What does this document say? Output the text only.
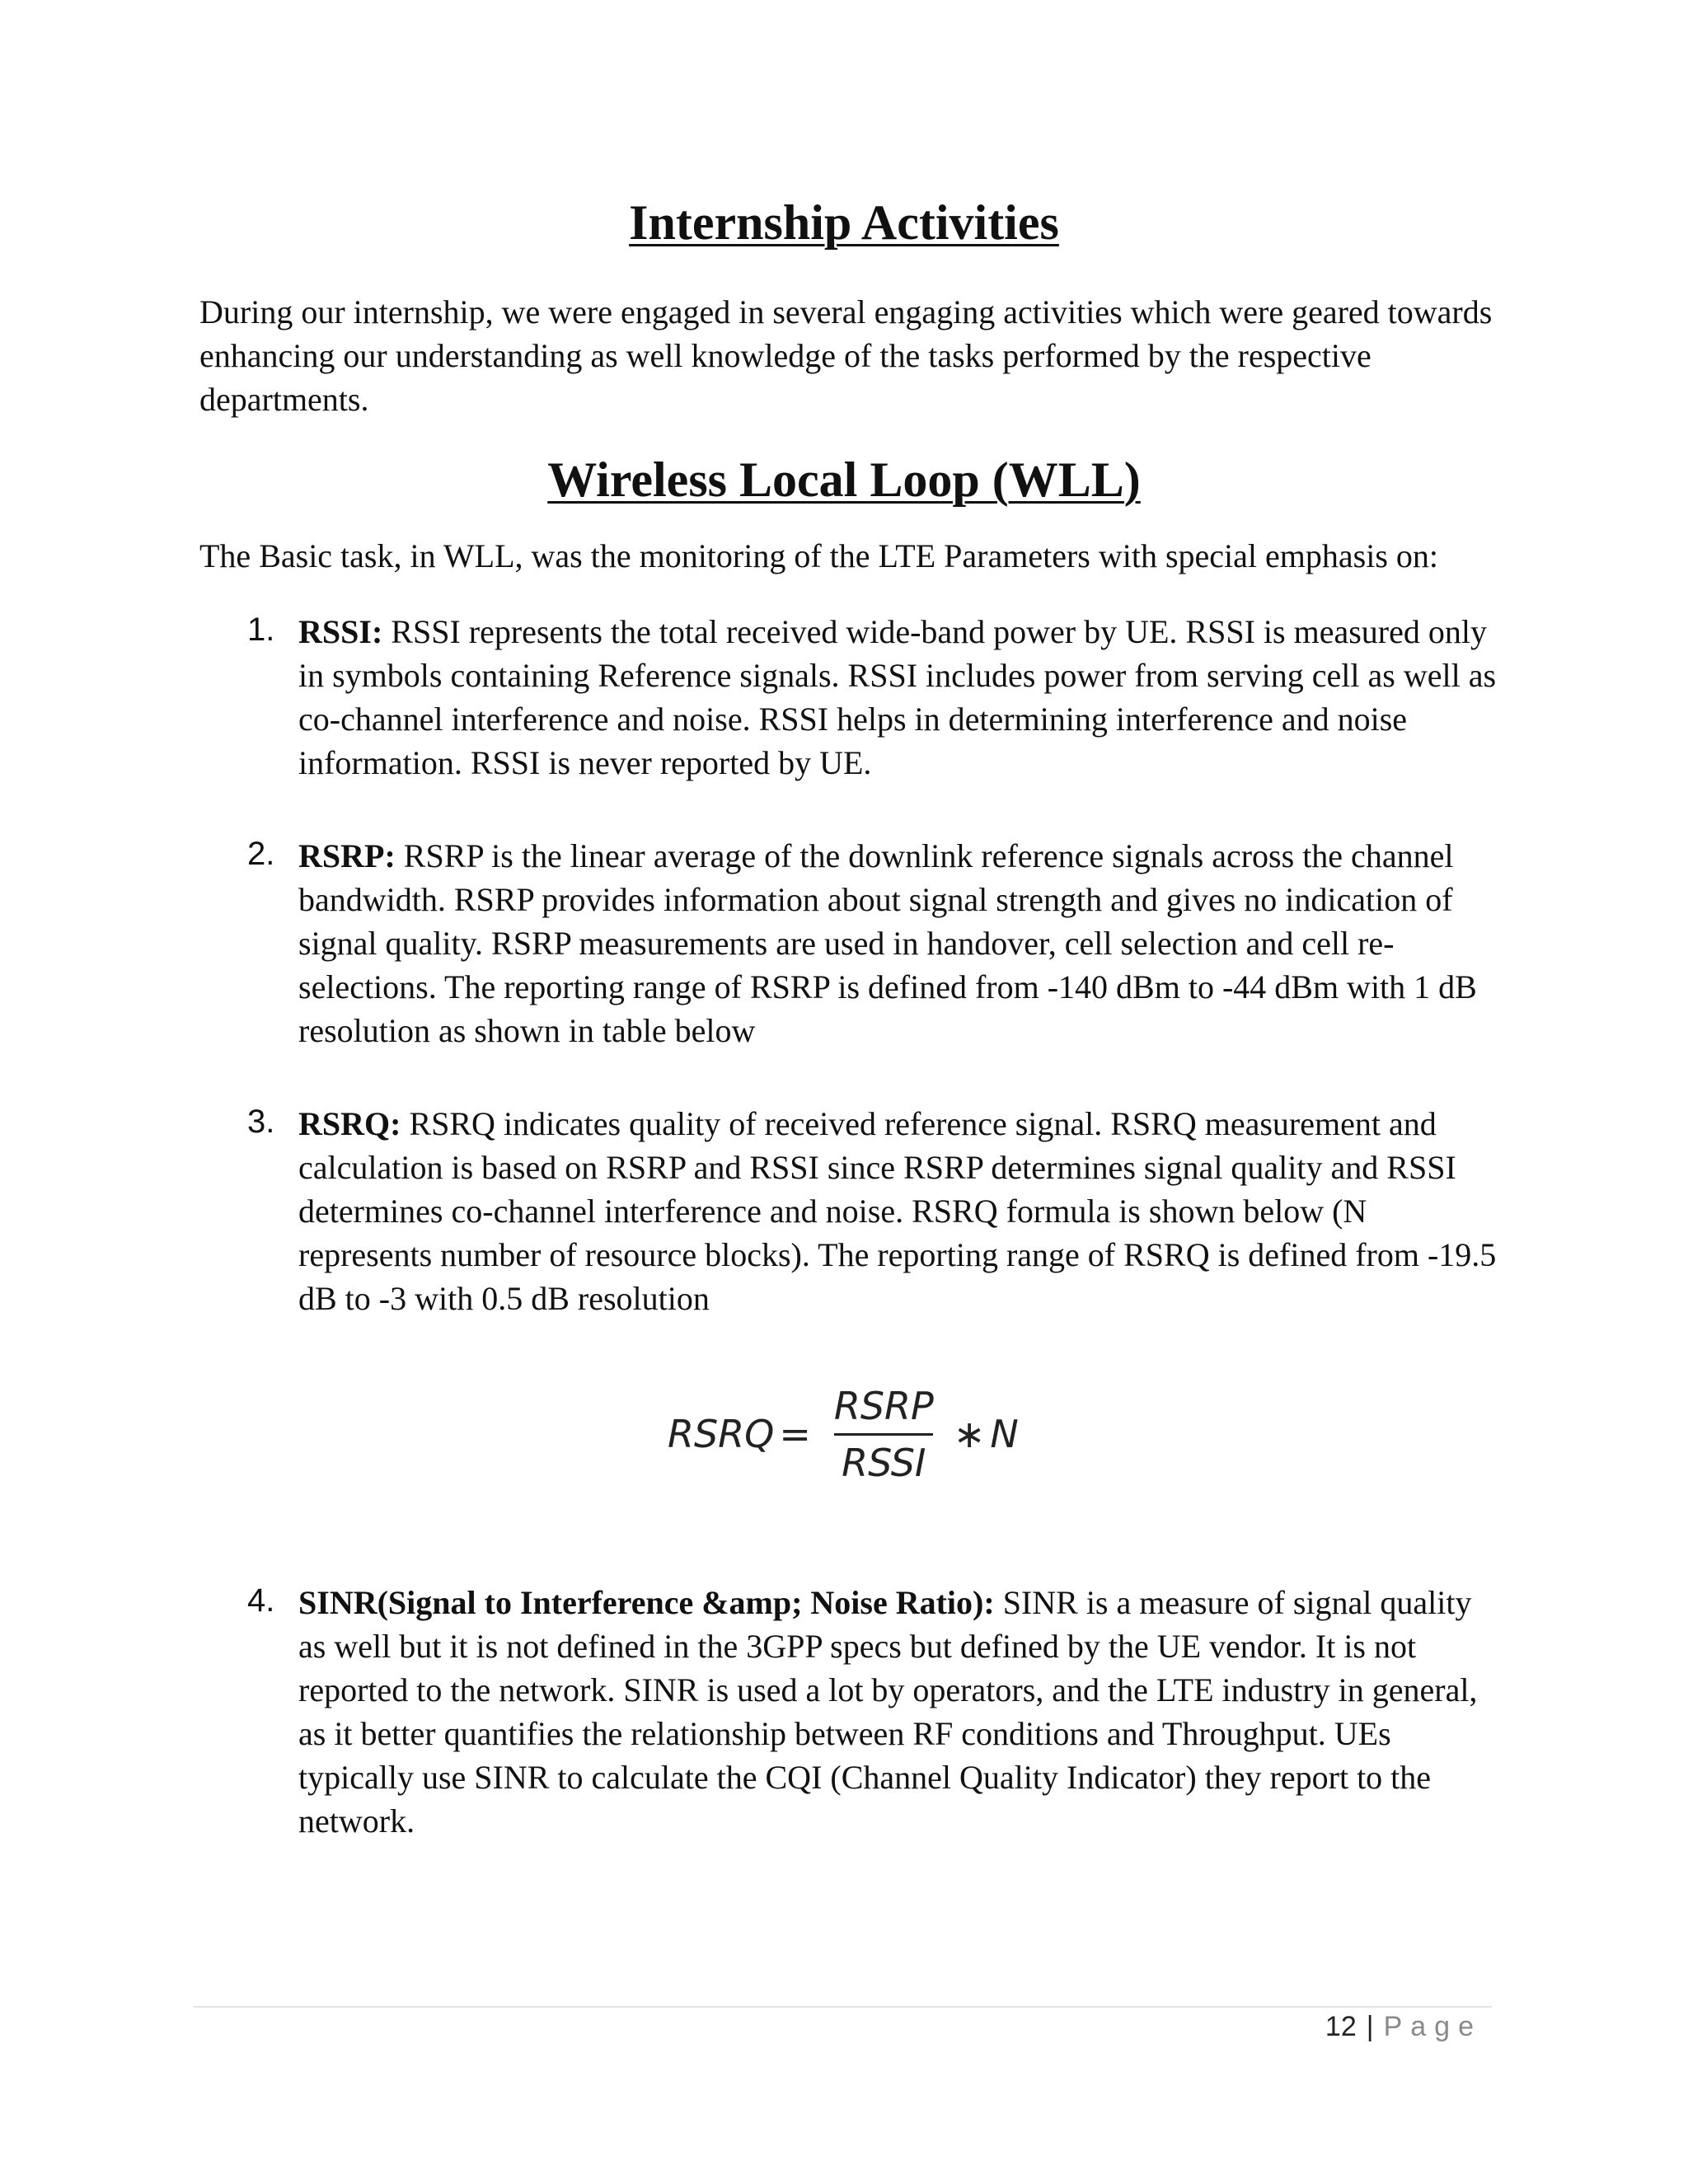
Internship Activities

During our internship, we were engaged in several engaging activities which were geared towards enhancing our understanding as well knowledge of the tasks performed by the respective departments.

Wireless Local Loop (WLL)

The Basic task, in WLL, was the monitoring of the LTE Parameters with special emphasis on:

1. RSSI: RSSI represents the total received wide-band power by UE. RSSI is measured only in symbols containing Reference signals. RSSI includes power from serving cell as well as co-channel interference and noise. RSSI helps in determining interference and noise information. RSSI is never reported by UE.

2. RSRP: RSRP is the linear average of the downlink reference signals across the channel bandwidth. RSRP provides information about signal strength and gives no indication of signal quality. RSRP measurements are used in handover, cell selection and cell re-selections. The reporting range of RSRP is defined from -140 dBm to -44 dBm with 1 dB resolution as shown in table below

3. RSRQ: RSRQ indicates quality of received reference signal. RSRQ measurement and calculation is based on RSRP and RSSI since RSRP determines signal quality and RSSI determines co-channel interference and noise. RSRQ formula is shown below (N represents number of resource blocks). The reporting range of RSRQ is defined from -19.5 dB to -3 with 0.5 dB resolution

RSRQ = $\frac{\text{RSRP}}{\text{RSSI}}$ ∗ N
4. SINR(Signal to Interference &amp; Noise Ratio): SINR is a measure of signal quality as well but it is not defined in the 3GPP specs but defined by the UE vendor. It is not reported to the network. SINR is used a lot by operators, and the LTE industry in general, as it better quantifies the relationship between RF conditions and Throughput. UEs typically use SINR to calculate the CQI (Channel Quality Indicator) they report to the network.

12 | Page
